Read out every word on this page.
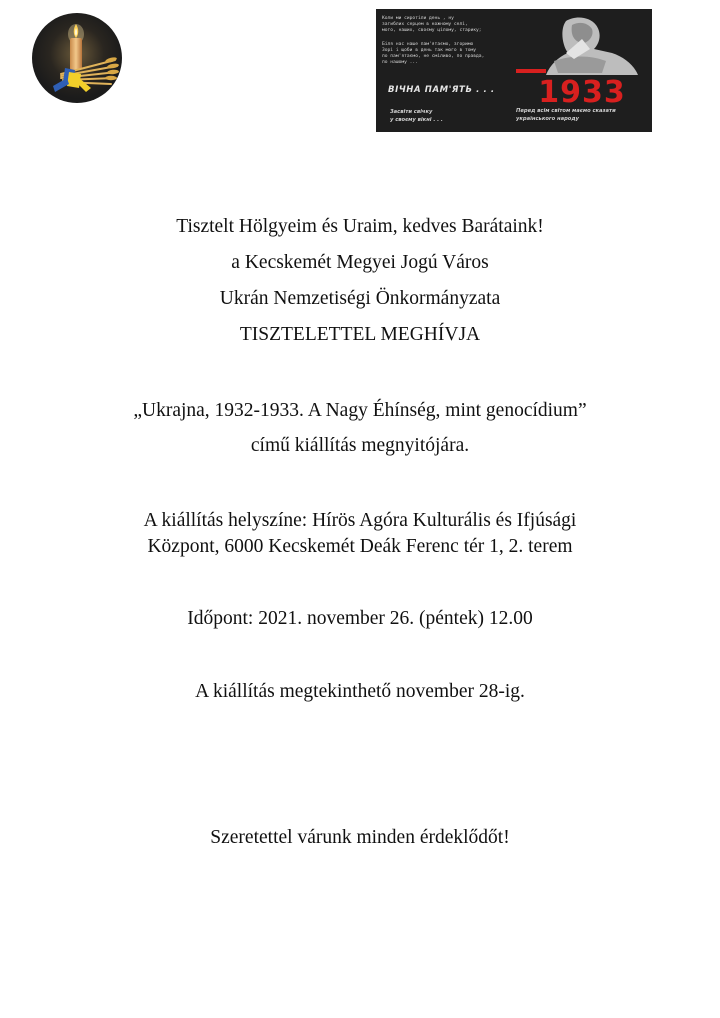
Коли ми сиротіли день , ну
загиблих серцем в кожному селі,
мого, наших, своєму цілому, старику;
Біля нас наше пам'ятаємо, згоримо
Зорі і щоби в день так мого в тому
по пам'ятаємо, не сміливо, по правда,
по нашому ...
ВІЧНА ПАМ'ЯТЬ . . . 1933
Засвіти свічку
у своєму вікні . . .
Перед всім світом маємо сказати
українського народу
Tisztelt Hölgyeim és Uraim, kedves Barátaink!
a Kecskemét Megyei Jogú Város
Ukrán Nemzetiségi Önkormányzata
TISZTELETTEL MEGHÍVJA
„Ukrajna, 1932-1933. A Nagy Éhínség, mint genocídium”
című kiállítás megnyitójára.
A kiállítás helyszíne: Hírös Agóra Kulturális és Ifjúsági
Központ, 6000 Kecskemét Deák Ferenc tér 1, 2. terem
Időpont: 2021. november 26. (péntek) 12.00
A kiállítás megtekinthető november 28-ig.
Szeretettel várunk minden érdeklődőt!
